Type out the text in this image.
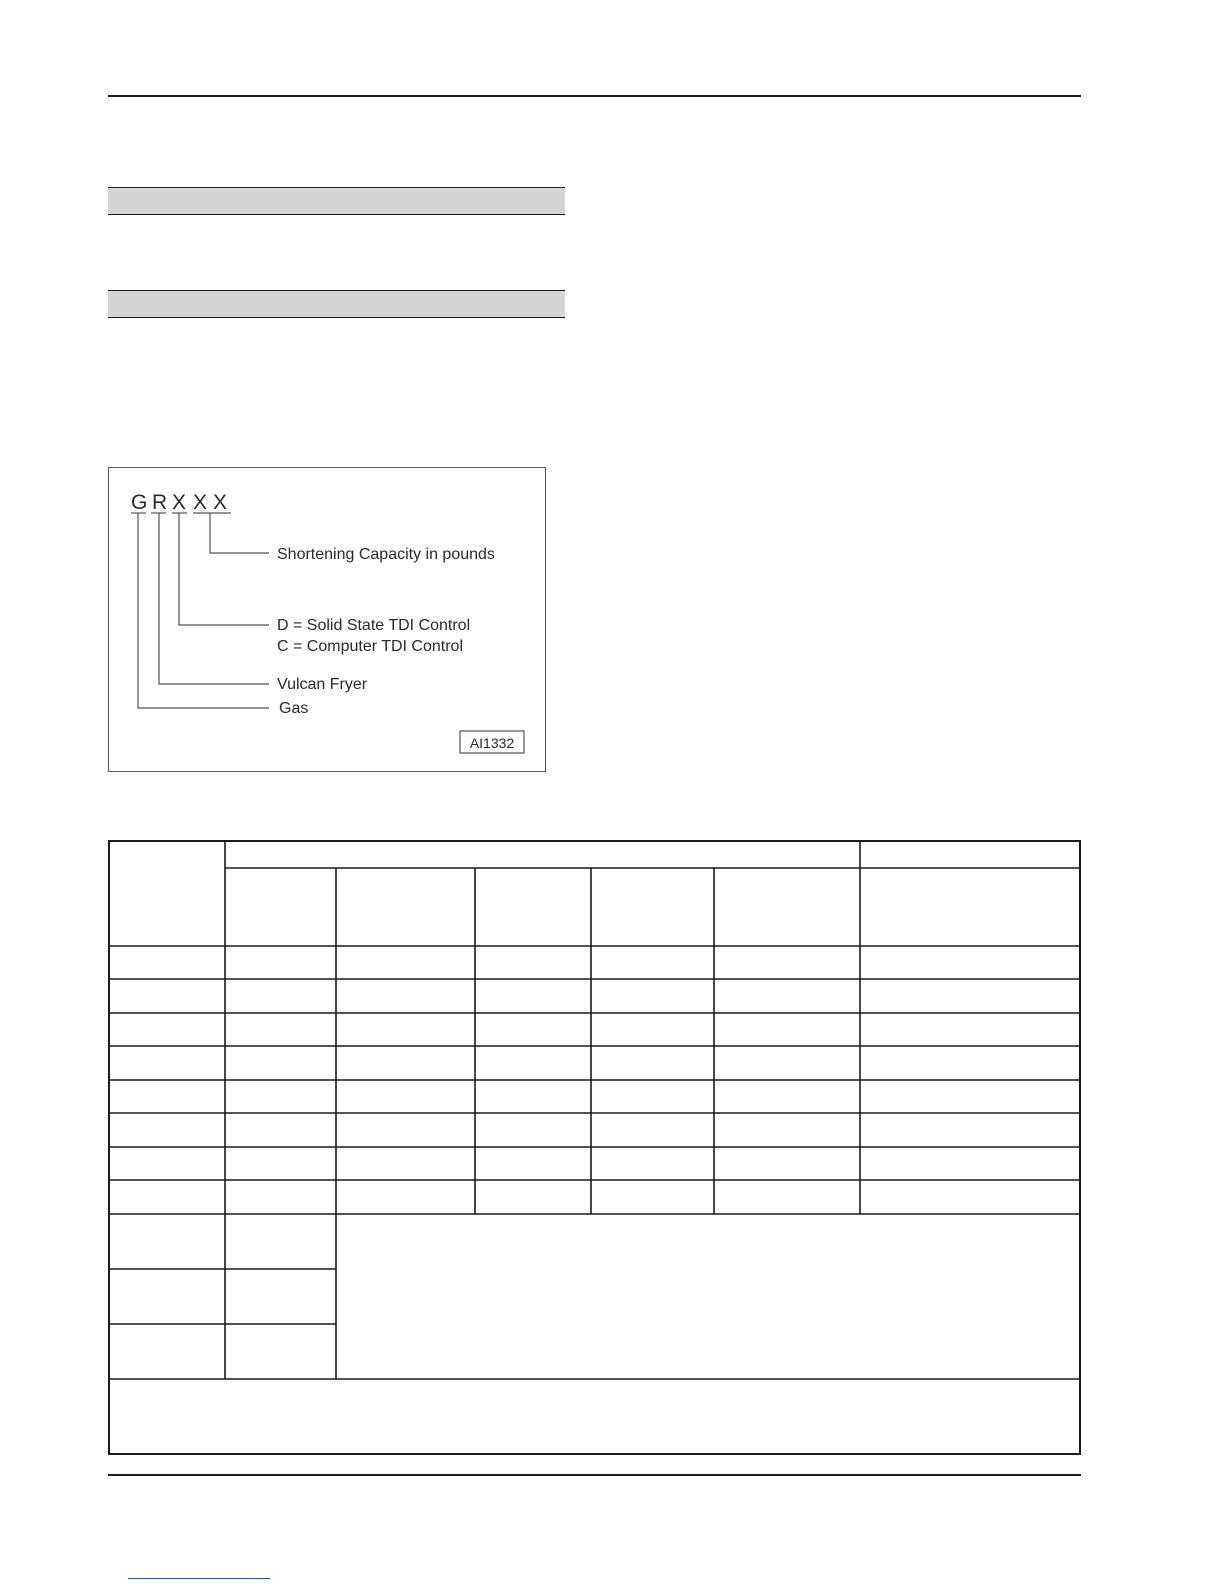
G R X X X
Shortening Capacity in pounds
D = Solid State TDI Control
C = Computer TDI Control
Vulcan Fryer
Gas
AI1332
